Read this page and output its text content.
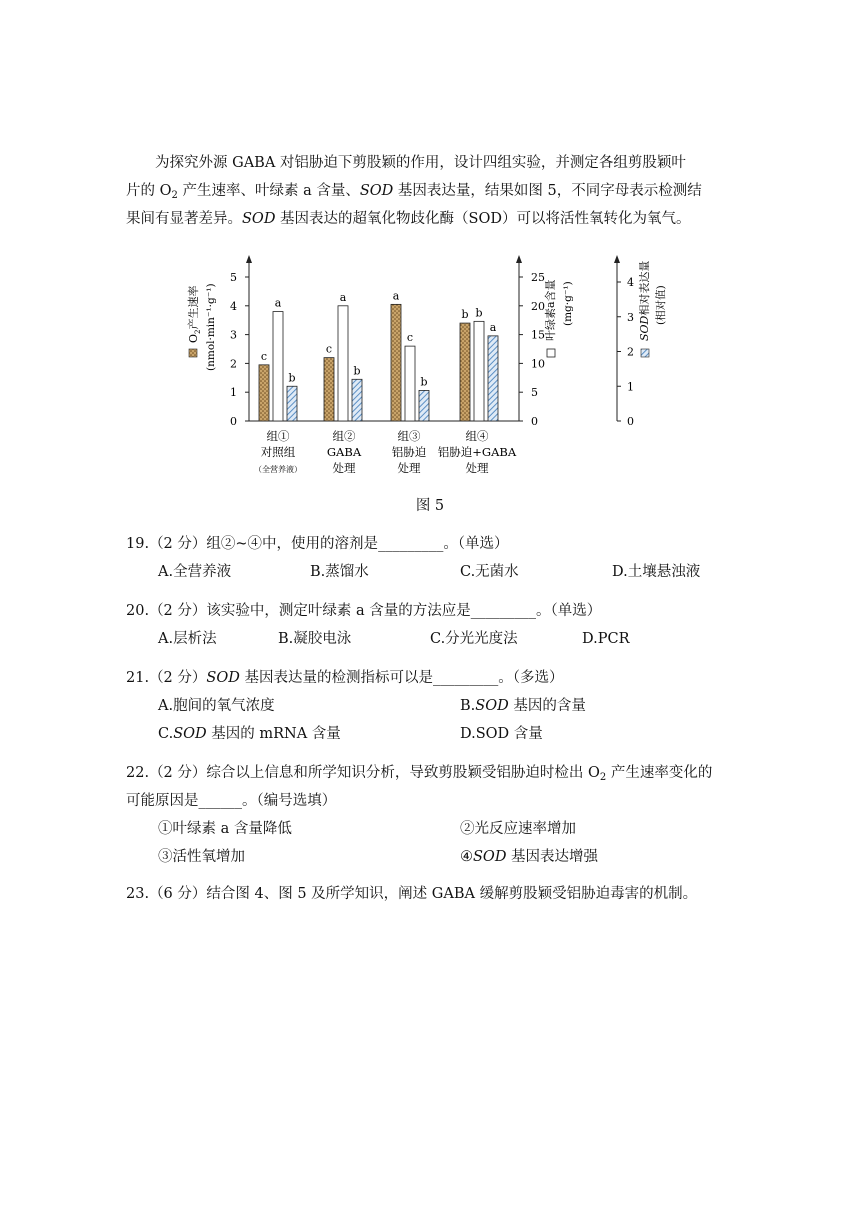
为探究外源 GABA 对铝胁迫下剪股颖的作用，设计四组实验，并测定各组剪股颖叶

片的 $O_2$ 产生速率、叶绿素 a 含量、SOD 基因表达量，结果如图 5，不同字母表示检测结

果间有显著差异。SOD 基因表达的超氧化物歧化酶（SOD）可以将活性氧转化为氧气。

0
1
2
3
4
5
0
5
10
15
20
25
0
1
2
3
4
c
c
a
b
a	a
c
b
b
b
b
a
组①
对照组
（全营养液）
组②
GABA
处理
组③
铝胁迫
处理
组④
铝胁迫+GABA
处理
$O_2$产生速率 (nmol·min⁻¹·g⁻¹)	叶绿素a含量 (mg·g⁻¹)
SOD相对表达量 (相对值)
图 5
19.（2 分）组②~④中，使用的溶剂是_________。（单选）
A.全营养液	B.蒸馏水	C.无菌水	D.土壤悬浊液
20.（2 分）该实验中，测定叶绿素 a 含量的方法应是_________。（单选）
A.层析法	B.凝胶电泳	C.分光光度法	D.PCR
21.（2 分）SOD 基因表达量的检测指标可以是_________。（多选）
A.胞间的氧气浓度	B.SOD 基因的含量
C.SOD 基因的 mRNA 含量	D.SOD 含量
22.（2 分）综合以上信息和所学知识分析，导致剪股颖受铝胁迫时检出 $O_2$ 产生速率变化的
可能原因是______。（编号选填）
①叶绿素 a 含量降低	②光反应速率增加
③活性氧增加	④SOD 基因表达增强
23.（6 分）结合图 4、图 5 及所学知识，阐述 GABA 缓解剪股颖受铝胁迫毒害的机制。
